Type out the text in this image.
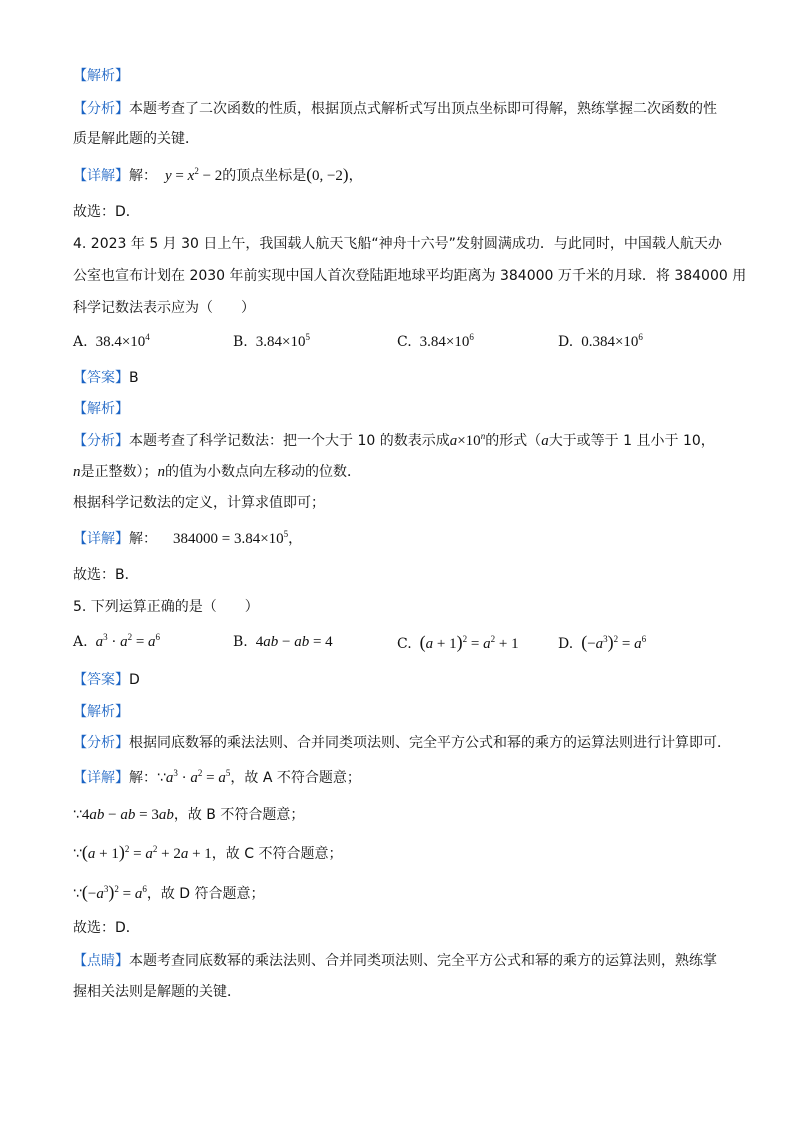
【解析】
【分析】本题考查了二次函数的性质，根据顶点式解析式写出顶点坐标即可得解，熟练掌握二次函数的性
质是解此题的关键．
【详解】解： $y = x^2 - 2$的顶点坐标是(0, −2)，
故选：D．
4. 2023 年 5 月 30 日上午，我国载人航天飞船“神舟十六号”发射圆满成功．与此同时，中国载人航天办
公室也宣布计划在 2030 年前实现中国人首次登陆距地球平均距离为 384000 万千米的月球．将 384000 用
科学记数法表示应为（　　）
A. $38.4\times 10^4$	B. $3.84\times 10^5$	C. $3.84\times 10^6$	D. $0.384\times 10^6$
【答案】B
【解析】
【分析】本题考查了科学记数法：把一个大于 10 的数表示成$a\times 10^n$的形式（a大于或等于 1 且小于 10，
n是正整数）；n的值为小数点向左移动的位数．
根据科学记数法的定义，计算求值即可；
【详解】解： $384000 = 3.84\times 10^5$，
故选：B．
5. 下列运算正确的是（　　）
A. $a^3 \cdot a^2 = a^6$	B. 4ab − ab = 4	C. $(a + 1)^2 = a^2 + 1$	D. $(-a^3)^2 = a^6$
【答案】D
【解析】
【分析】根据同底数幂的乘法法则、合并同类项法则、完全平方公式和幂的乘方的运算法则进行计算即可．
【详解】解：$\because a^3 \cdot a^2 = a^5$，故 A 不符合题意；
∵4ab − ab = 3ab，故 B 不符合题意；
∵(a + $1)^2 = a^2 + 2a + 1$，故 C 不符合题意；
$\because(-a^3)^2 = a^6$，故 D 符合题意；
故选：D．
【点睛】本题考查同底数幂的乘法法则、合并同类项法则、完全平方公式和幂的乘方的运算法则，熟练掌
握相关法则是解题的关键．
